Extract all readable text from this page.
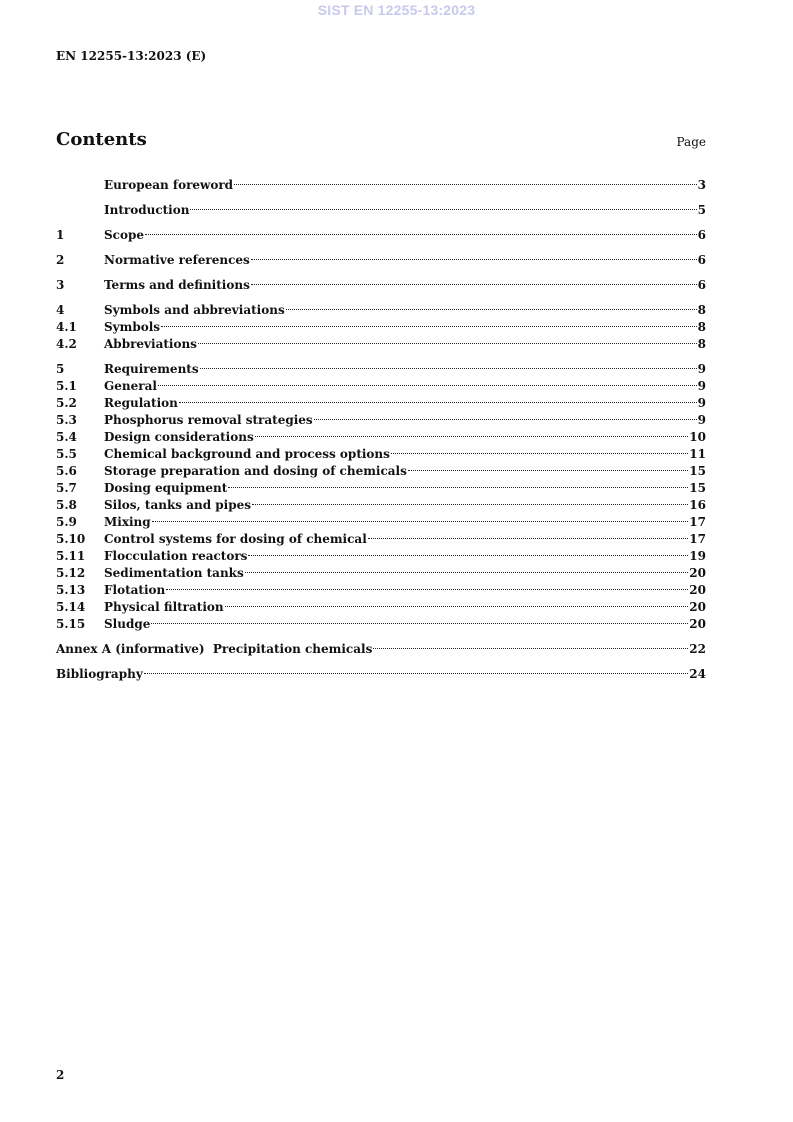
SIST EN 12255-13:2023
EN 12255-13:2023 (E)
Contents	Page
European foreword	3
Introduction	5
1	Scope	6
2	Normative references	6
3	Terms and definitions	6
4	Symbols and abbreviations	8
4.1	Symbols	8
4.2	Abbreviations	8
5	Requirements	9
5.1	General	9
5.2	Regulation	9
5.3	Phosphorus removal strategies	9
5.4	Design considerations	10
5.5	Chemical background and process options	11
5.6	Storage preparation and dosing of chemicals	15
5.7	Dosing equipment	15
5.8	Silos, tanks and pipes	16
5.9	Mixing	17
5.10	Control systems for dosing of chemical	17
5.11	Flocculation reactors	19
5.12	Sedimentation tanks	20
5.13	Flotation	20
5.14	Physical filtration	20
5.15	Sludge	20
Annex A (informative)  Precipitation chemicals	22
Bibliography	24
2
